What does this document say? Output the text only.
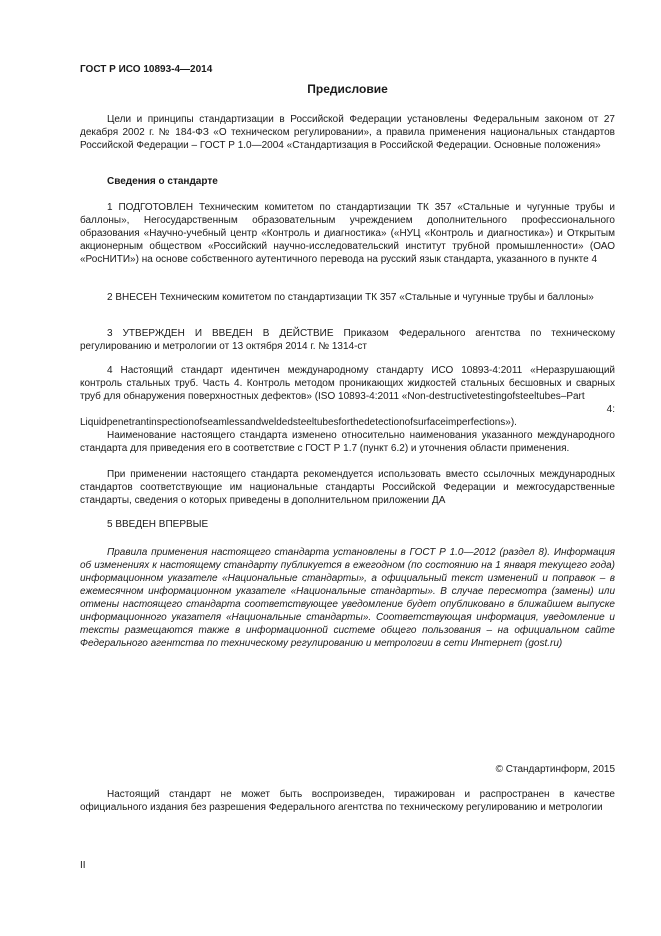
ГОСТ Р ИСО 10893-4—2014
Предисловие

Цели и принципы стандартизации в Российской Федерации установлены Федеральным законом от 27 декабря 2002 г. № 184-ФЗ «О техническом регулировании», а правила применения национальных стандартов Российской Федерации – ГОСТ Р 1.0—2004 «Стандартизация в Российской Федерации. Основные положения»

Сведения о стандарте

1 ПОДГОТОВЛЕН Техническим комитетом по стандартизации ТК 357 «Стальные и чугунные трубы и баллоны», Негосударственным образовательным учреждением дополнительного профессионального образования «Научно-учебный центр «Контроль и диагностика» («НУЦ «Контроль и диагностика») и Открытым акционерным обществом «Российский научно-исследовательский институт трубной промышленности» (ОАО «РосНИТИ») на основе собственного аутентичного перевода на русский язык стандарта, указанного в пункте 4

2 ВНЕСЕН Техническим комитетом по стандартизации ТК 357 «Стальные и чугунные трубы и баллоны»

3 УТВЕРЖДЕН И ВВЕДЕН В ДЕЙСТВИЕ Приказом Федерального агентства по техническому регулированию и метрологии от 13 октября 2014 г. № 1314-ст

4 Настоящий стандарт идентичен международному стандарту ИСО 10893-4:2011 «Неразрушающий контроль стальных труб. Часть 4. Контроль методом проникающих жидкостей стальных бесшовных и сварных труб для обнаружения поверхностных дефектов» (ISO 10893-4:2011 «Non-destructivetestingofsteeltubes–Part

4:

Liquidpenetrantinspectionofseamlessandweldedsteeltubesforthedetectionofsurfaceimperfections»).

Наименование настоящего стандарта изменено относительно наименования указанного международного стандарта для приведения его в соответствие с ГОСТ Р 1.7 (пункт 6.2) и уточнения области применения.

При применении настоящего стандарта рекомендуется использовать вместо ссылочных международных стандартов соответствующие им национальные стандарты Российской Федерации и межгосударственные стандарты, сведения о которых приведены в дополнительном приложении ДА

5 ВВЕДЕН ВПЕРВЫЕ

Правила применения настоящего стандарта установлены в ГОСТ Р 1.0—2012 (раздел 8). Информация об изменениях к настоящему стандарту публикуется в ежегодном (по состоянию на 1 января текущего года) информационном указателе «Национальные стандарты», а официальный текст изменений и поправок – в ежемесячном информационном указателе «Национальные стандарты». В случае пересмотра (замены) или отмены настоящего стандарта соответствующее уведомление будет опубликовано в ближайшем выпуске информационного указателя «Национальные стандарты». Соответствующая информация, уведомление и тексты размещаются также в информационной системе общего пользования – на официальном сайте Федерального агентства по техническому регулированию и метрологии в сети Интернет (gost.ru)

© Стандартинформ, 2015

Настоящий стандарт не может быть воспроизведен, тиражирован и распространен в качестве официального издания без разрешения Федерального агентства по техническому регулированию и метрологии

II
